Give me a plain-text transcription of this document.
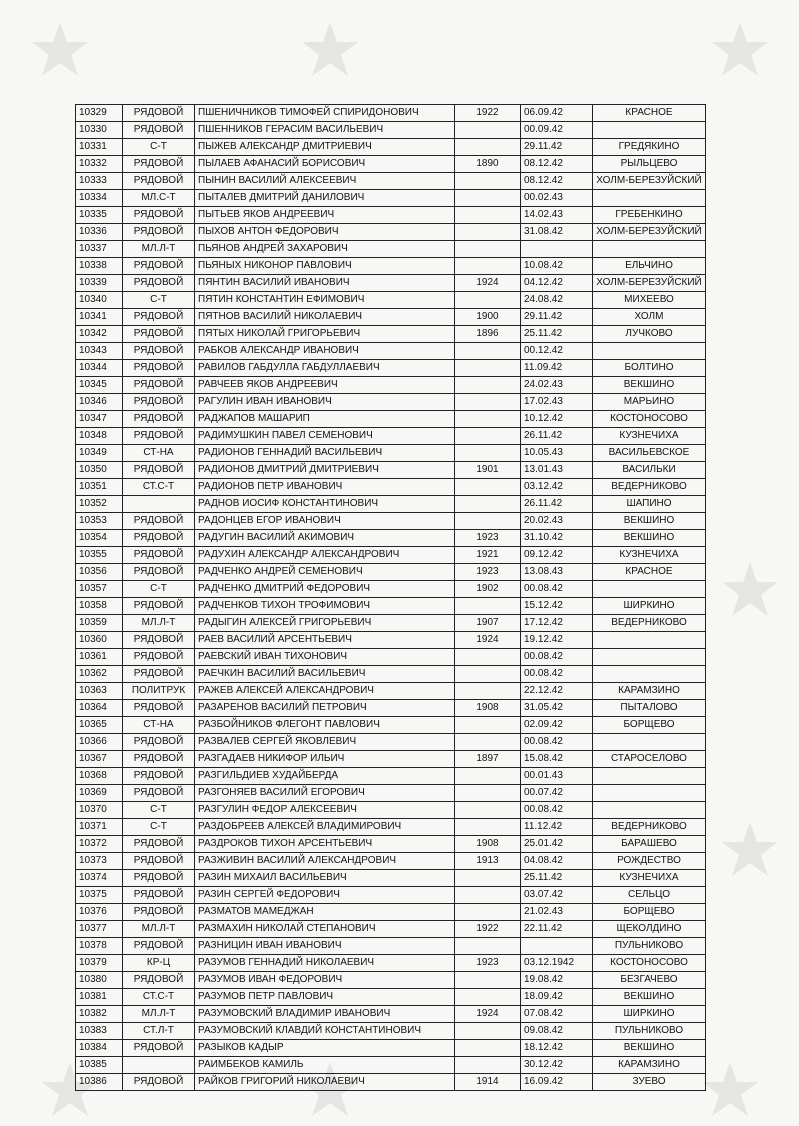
10329	РЯДОВОЙ	ПШЕНИЧНИКОВ ТИМОФЕЙ СПИРИДОНОВИЧ	1922	06.09.42	КРАСНОЕ
10330	РЯДОВОЙ	ПШЕННИКОВ ГЕРАСИМ ВАСИЛЬЕВИЧ		00.09.42	
10331	С-Т	ПЫЖЕВ АЛЕКСАНДР ДМИТРИЕВИЧ		29.11.42	ГРЕДЯКИНО
10332	РЯДОВОЙ	ПЫЛАЕВ АФАНАСИЙ БОРИСОВИЧ	1890	08.12.42	РЫЛЬЦЕВО
10333	РЯДОВОЙ	ПЫНИН ВАСИЛИЙ АЛЕКСЕЕВИЧ		08.12.42	ХОЛМ-БЕРЕЗУЙСКИЙ
10334	МЛ.С-Т	ПЫТАЛЕВ ДМИТРИЙ ДАНИЛОВИЧ		00.02.43	
10335	РЯДОВОЙ	ПЫТЬЕВ ЯКОВ АНДРЕЕВИЧ		14.02.43	ГРЕБЕНКИНО
10336	РЯДОВОЙ	ПЫХОВ АНТОН ФЕДОРОВИЧ		31.08.42	ХОЛМ-БЕРЕЗУЙСКИЙ
10337	МЛ.Л-Т	ПЬЯНОВ АНДРЕЙ ЗАХАРОВИЧ			
10338	РЯДОВОЙ	ПЬЯНЫХ НИКОНОР ПАВЛОВИЧ		10.08.42	ЕЛЬЧИНО
10339	РЯДОВОЙ	ПЯНТИН ВАСИЛИЙ ИВАНОВИЧ	1924	04.12.42	ХОЛМ-БЕРЕЗУЙСКИЙ
10340	С-Т	ПЯТИН КОНСТАНТИН ЕФИМОВИЧ		24.08.42	МИХЕЕВО
10341	РЯДОВОЙ	ПЯТНОВ ВАСИЛИЙ НИКОЛАЕВИЧ	1900	29.11.42	ХОЛМ
10342	РЯДОВОЙ	ПЯТЫХ НИКОЛАЙ ГРИГОРЬЕВИЧ	1896	25.11.42	ЛУЧКОВО
10343	РЯДОВОЙ	РАБКОВ АЛЕКСАНДР ИВАНОВИЧ		00.12.42	
10344	РЯДОВОЙ	РАВИЛОВ ГАБДУЛЛА ГАБДУЛЛАЕВИЧ		11.09.42	БОЛТИНО
10345	РЯДОВОЙ	РАВЧЕЕВ ЯКОВ АНДРЕЕВИЧ		24.02.43	ВЕКШИНО
10346	РЯДОВОЙ	РАГУЛИН ИВАН ИВАНОВИЧ		17.02.43	МАРЬИНО
10347	РЯДОВОЙ	РАДЖАПОВ МАШАРИП		10.12.42	КОСТОНОСОВО
10348	РЯДОВОЙ	РАДИМУШКИН ПАВЕЛ СЕМЕНОВИЧ		26.11.42	КУЗНЕЧИХА
10349	СТ-НА	РАДИОНОВ ГЕННАДИЙ ВАСИЛЬЕВИЧ		10.05.43	ВАСИЛЬЕВСКОЕ
10350	РЯДОВОЙ	РАДИОНОВ ДМИТРИЙ ДМИТРИЕВИЧ	1901	13.01.43	ВАСИЛЬКИ
10351	СТ.С-Т	РАДИОНОВ ПЕТР ИВАНОВИЧ		03.12.42	ВЕДЕРНИКОВО
10352		РАДНОВ ИОСИФ КОНСТАНТИНОВИЧ		26.11.42	ШАПИНО
10353	РЯДОВОЙ	РАДОНЦЕВ ЕГОР ИВАНОВИЧ		20.02.43	ВЕКШИНО
10354	РЯДОВОЙ	РАДУГИН ВАСИЛИЙ АКИМОВИЧ	1923	31.10.42	ВЕКШИНО
10355	РЯДОВОЙ	РАДУХИН АЛЕКСАНДР АЛЕКСАНДРОВИЧ	1921	09.12.42	КУЗНЕЧИХА
10356	РЯДОВОЙ	РАДЧЕНКО АНДРЕЙ СЕМЕНОВИЧ	1923	13.08.43	КРАСНОЕ
10357	С-Т	РАДЧЕНКО ДМИТРИЙ ФЕДОРОВИЧ	1902	00.08.42	
10358	РЯДОВОЙ	РАДЧЕНКОВ ТИХОН ТРОФИМОВИЧ		15.12.42	ШИРКИНО
10359	МЛ.Л-Т	РАДЫГИН АЛЕКСЕЙ ГРИГОРЬЕВИЧ	1907	17.12.42	ВЕДЕРНИКОВО
10360	РЯДОВОЙ	РАЕВ ВАСИЛИЙ АРСЕНТЬЕВИЧ	1924	19.12.42	
10361	РЯДОВОЙ	РАЕВСКИЙ ИВАН ТИХОНОВИЧ		00.08.42	
10362	РЯДОВОЙ	РАЕЧКИН ВАСИЛИЙ ВАСИЛЬЕВИЧ		00.08.42	
10363	ПОЛИТРУК	РАЖЕВ АЛЕКСЕЙ АЛЕКСАНДРОВИЧ		22.12.42	КАРАМЗИНО
10364	РЯДОВОЙ	РАЗАРЕНОВ ВАСИЛИЙ ПЕТРОВИЧ	1908	31.05.42	ПЫТАЛОВО
10365	СТ-НА	РАЗБОЙНИКОВ ФЛЕГОНТ ПАВЛОВИЧ		02.09.42	БОРЩЕВО
10366	РЯДОВОЙ	РАЗВАЛЕВ СЕРГЕЙ ЯКОВЛЕВИЧ		00.08.42	
10367	РЯДОВОЙ	РАЗГАДАЕВ НИКИФОР ИЛЬИЧ	1897	15.08.42	СТАРОСЕЛОВО
10368	РЯДОВОЙ	РАЗГИЛЬДИЕВ ХУДАЙБЕРДА		00.01.43	
10369	РЯДОВОЙ	РАЗГОНЯЕВ ВАСИЛИЙ ЕГОРОВИЧ		00.07.42	
10370	С-Т	РАЗГУЛИН ФЕДОР АЛЕКСЕЕВИЧ		00.08.42	
10371	С-Т	РАЗДОБРЕЕВ АЛЕКСЕЙ ВЛАДИМИРОВИЧ		11.12.42	ВЕДЕРНИКОВО
10372	РЯДОВОЙ	РАЗДРОКОВ ТИХОН АРСЕНТЬЕВИЧ	1908	25.01.42	БАРАШЕВО
10373	РЯДОВОЙ	РАЗЖИВИН ВАСИЛИЙ АЛЕКСАНДРОВИЧ	1913	04.08.42	РОЖДЕСТВО
10374	РЯДОВОЙ	РАЗИН МИХАИЛ ВАСИЛЬЕВИЧ		25.11.42	КУЗНЕЧИХА
10375	РЯДОВОЙ	РАЗИН СЕРГЕЙ ФЕДОРОВИЧ		03.07.42	СЕЛЬЦО
10376	РЯДОВОЙ	РАЗМАТОВ МАМЕДЖАН		21.02.43	БОРЩЕВО
10377	МЛ.Л-Т	РАЗМАХИН НИКОЛАЙ СТЕПАНОВИЧ	1922	22.11.42	ЩЕКОЛДИНО
10378	РЯДОВОЙ	РАЗНИЦИН ИВАН ИВАНОВИЧ			ПУЛЬНИКОВО
10379	КР-Ц	РАЗУМОВ ГЕННАДИЙ НИКОЛАЕВИЧ	1923	03.12.1942	КОСТОНОСОВО
10380	РЯДОВОЙ	РАЗУМОВ ИВАН ФЕДОРОВИЧ		19.08.42	БЕЗГАЧЕВО
10381	СТ.С-Т	РАЗУМОВ ПЕТР ПАВЛОВИЧ		18.09.42	ВЕКШИНО
10382	МЛ.Л-Т	РАЗУМОВСКИЙ ВЛАДИМИР ИВАНОВИЧ	1924	07.08.42	ШИРКИНО
10383	СТ.Л-Т	РАЗУМОВСКИЙ КЛАВДИЙ КОНСТАНТИНОВИЧ		09.08.42	ПУЛЬНИКОВО
10384	РЯДОВОЙ	РАЗЫКОВ КАДЫР		18.12.42	ВЕКШИНО
10385		РАИМБЕКОВ КАМИЛЬ		30.12.42	КАРАМЗИНО
10386	РЯДОВОЙ	РАЙКОВ ГРИГОРИЙ НИКОЛАЕВИЧ	1914	16.09.42	ЗУЕВО
